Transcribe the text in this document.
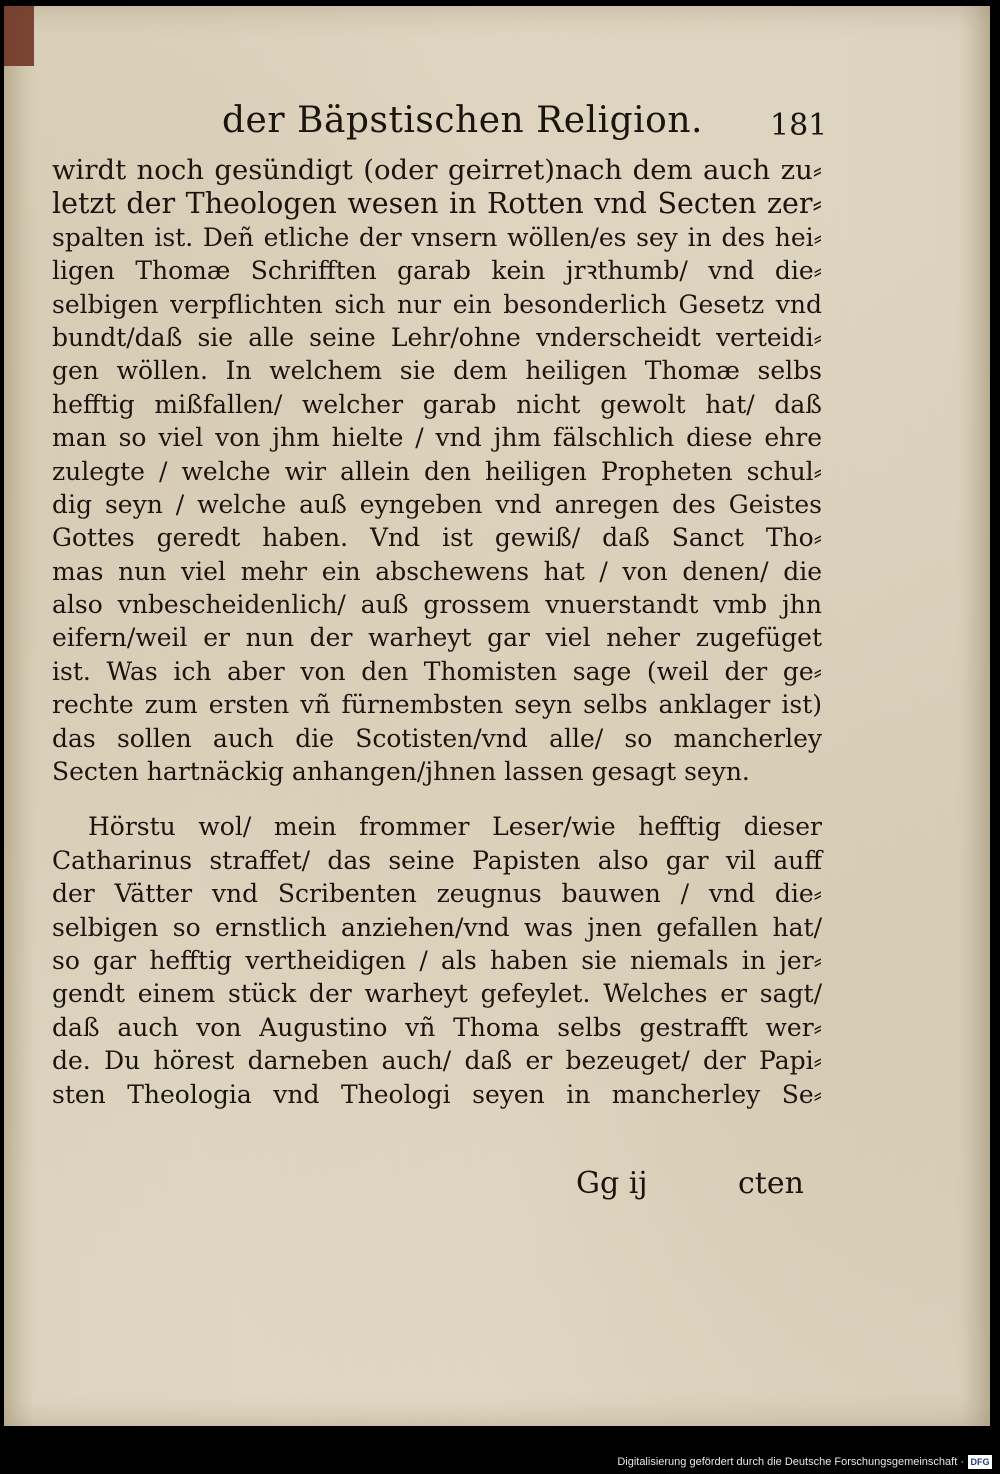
der Bäpstischen Religion. 181
wirdt noch gesündigt (oder geirret)nach dem auch zu⸗
letzt der Theologen wesen in Rotten vnd Secten zer⸗
spalten ist. Deñ etliche der vnsern wöllen/es sey in des hei⸗
ligen Thomæ Schrifften garab kein jrꝛthumb/ vnd die⸗
selbigen verpflichten sich nur ein besonderlich Gesetz vnd
bundt/daß sie alle seine Lehr/ohne vnderscheidt verteidi⸗
gen wöllen. In welchem sie dem heiligen Thomæ selbs
hefftig mißfallen/ welcher garab nicht gewolt hat/ daß
man so viel von jhm hielte / vnd jhm fälschlich diese ehre
zulegte / welche wir allein den heiligen Propheten schul⸗
dig seyn / welche auß eyngeben vnd anregen des Geistes
Gottes geredt haben. Vnd ist gewiß/ daß Sanct Tho⸗
mas nun viel mehr ein abschewens hat / von denen/ die
also vnbescheidenlich/ auß grossem vnuerstandt vmb jhn
eifern/weil er nun der warheyt gar viel neher zugefüget
ist. Was ich aber von den Thomisten sage (weil der ge⸗
rechte zum ersten vñ fürnembsten seyn selbs anklager ist)
das sollen auch die Scotisten/vnd alle/ so mancherley
Secten hartnäckig anhangen/jhnen lassen gesagt seyn.
Hörstu wol/ mein frommer Leser/wie hefftig dieser
Catharinus straffet/ das seine Papisten also gar vil auff
der Vätter vnd Scribenten zeugnus bauwen / vnd die⸗
selbigen so ernstlich anziehen/vnd was jnen gefallen hat/
so gar hefftig vertheidigen / als haben sie niemals in jer⸗
gendt einem stück der warheyt gefeylet. Welches er sagt/
daß auch von Augustino vñ Thoma selbs gestrafft wer⸗
de. Du hörest darneben auch/ daß er bezeuget/ der Papi⸗
sten Theologia vnd Theologi seyen in mancherley Se⸗
Gg ij	cten
Digitalisierung gefördert durch die Deutsche Forschungsgemeinschaft · DFG
